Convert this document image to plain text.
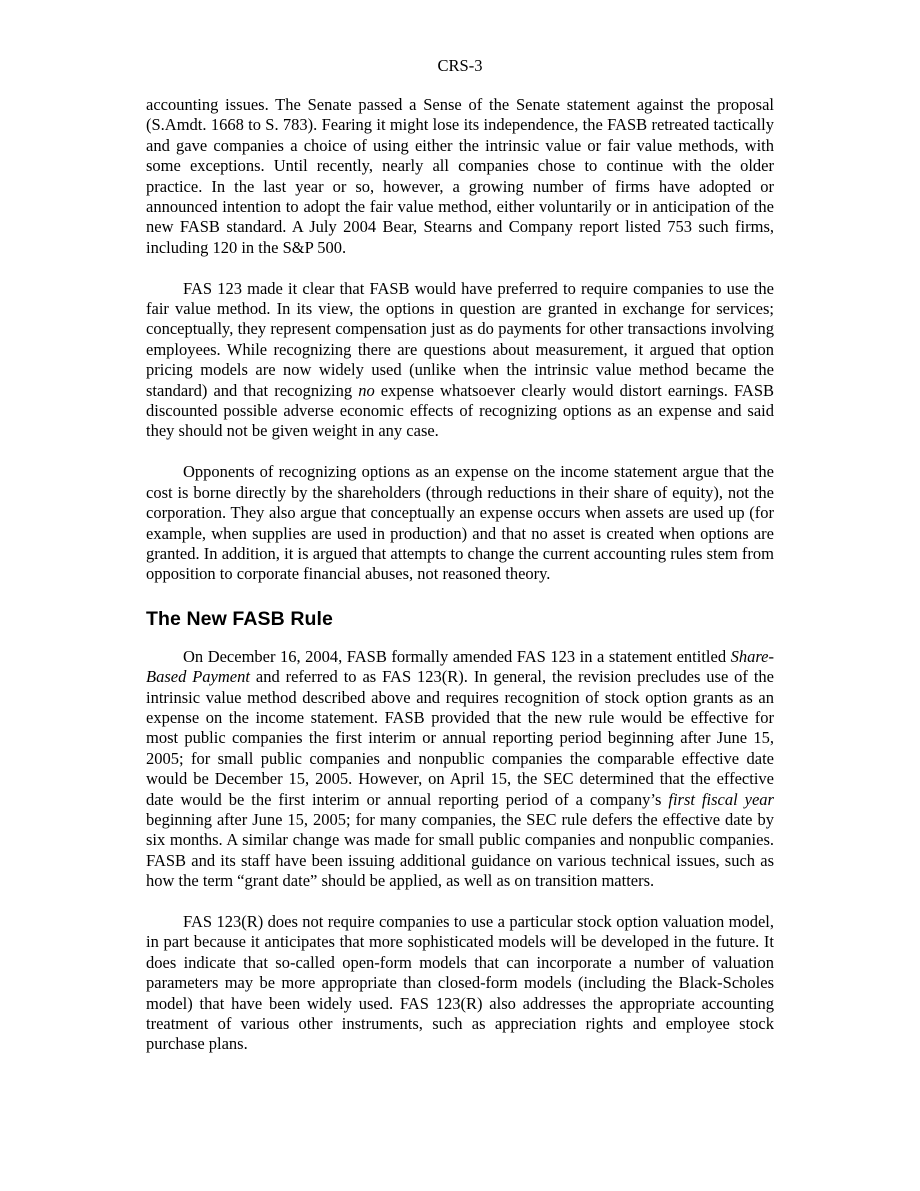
CRS-3

accounting issues. The Senate passed a Sense of the Senate statement against the proposal (S.Amdt. 1668 to S. 783). Fearing it might lose its independence, the FASB retreated tactically and gave companies a choice of using either the intrinsic value or fair value methods, with some exceptions. Until recently, nearly all companies chose to continue with the older practice. In the last year or so, however, a growing number of firms have adopted or announced intention to adopt the fair value method, either voluntarily or in anticipation of the new FASB standard. A July 2004 Bear, Stearns and Company report listed 753 such firms, including 120 in the S&P 500.

FAS 123 made it clear that FASB would have preferred to require companies to use the fair value method. In its view, the options in question are granted in exchange for services; conceptually, they represent compensation just as do payments for other transactions involving employees. While recognizing there are questions about measurement, it argued that option pricing models are now widely used (unlike when the intrinsic value method became the standard) and that recognizing no expense whatsoever clearly would distort earnings. FASB discounted possible adverse economic effects of recognizing options as an expense and said they should not be given weight in any case.

Opponents of recognizing options as an expense on the income statement argue that the cost is borne directly by the shareholders (through reductions in their share of equity), not the corporation. They also argue that conceptually an expense occurs when assets are used up (for example, when supplies are used in production) and that no asset is created when options are granted. In addition, it is argued that attempts to change the current accounting rules stem from opposition to corporate financial abuses, not reasoned theory.

The New FASB Rule

On December 16, 2004, FASB formally amended FAS 123 in a statement entitled Share-Based Payment and referred to as FAS 123(R). In general, the revision precludes use of the intrinsic value method described above and requires recognition of stock option grants as an expense on the income statement. FASB provided that the new rule would be effective for most public companies the first interim or annual reporting period beginning after June 15, 2005; for small public companies and nonpublic companies the comparable effective date would be December 15, 2005. However, on April 15, the SEC determined that the effective date would be the first interim or annual reporting period of a company’s first fiscal year beginning after June 15, 2005; for many companies, the SEC rule defers the effective date by six months. A similar change was made for small public companies and nonpublic companies. FASB and its staff have been issuing additional guidance on various technical issues, such as how the term “grant date” should be applied, as well as on transition matters.

FAS 123(R) does not require companies to use a particular stock option valuation model, in part because it anticipates that more sophisticated models will be developed in the future. It does indicate that so-called open-form models that can incorporate a number of valuation parameters may be more appropriate than closed-form models (including the Black-Scholes model) that have been widely used. FAS 123(R) also addresses the appropriate accounting treatment of various other instruments, such as appreciation rights and employee stock purchase plans.
